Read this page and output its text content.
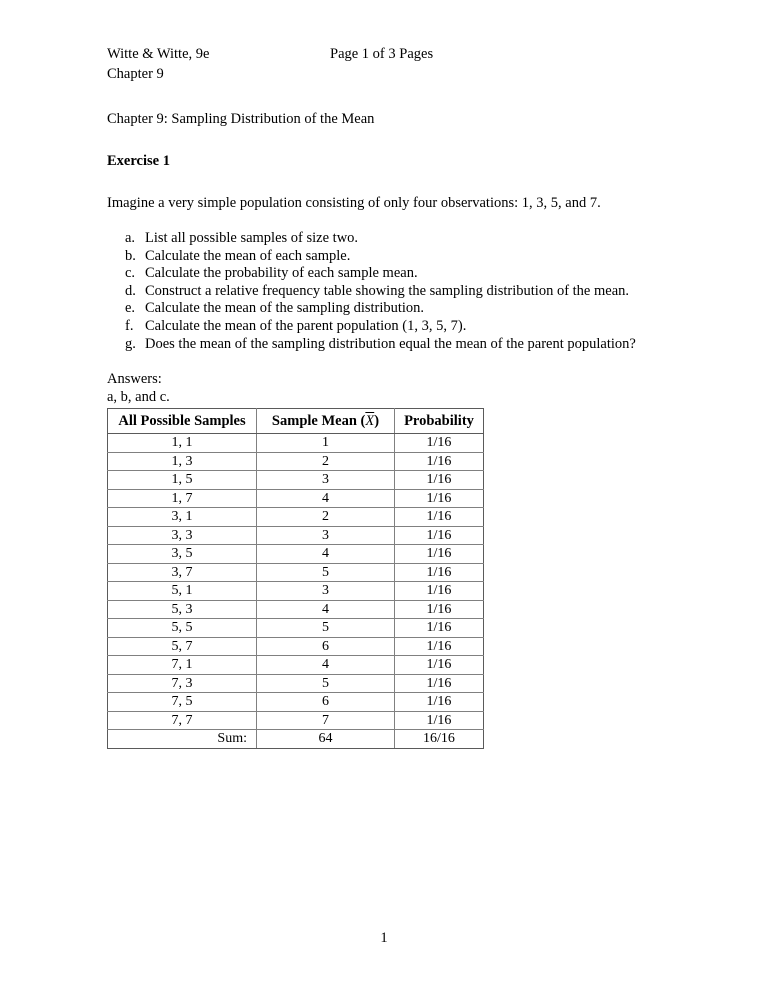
Witte & Witte, 9e	Page 1 of 3 Pages
Chapter 9
Chapter 9: Sampling Distribution of the Mean
Exercise 1
Imagine a very simple population consisting of only four observations: 1, 3, 5, and 7.
a. List all possible samples of size two.
b. Calculate the mean of each sample.
c. Calculate the probability of each sample mean.
d. Construct a relative frequency table showing the sampling distribution of the mean.
e. Calculate the mean of the sampling distribution.
f. Calculate the mean of the parent population (1, 3, 5, 7).
g. Does the mean of the sampling distribution equal the mean of the parent population?
Answers:
a, b, and c.
All Possible Samples	Sample Mean $(\overline{X})$	Probability
1, 1	1	1/16
1, 3	2	1/16
1, 5	3	1/16
1, 7	4	1/16
3, 1	2	1/16
3, 3	3	1/16
3, 5	4	1/16
3, 7	5	1/16
5, 1	3	1/16
5, 3	4	1/16
5, 5	5	1/16
5, 7	6	1/16
7, 1	4	1/16
7, 3	5	1/16
7, 5	6	1/16
7, 7	7	1/16
Sum:	64	16/16
1
